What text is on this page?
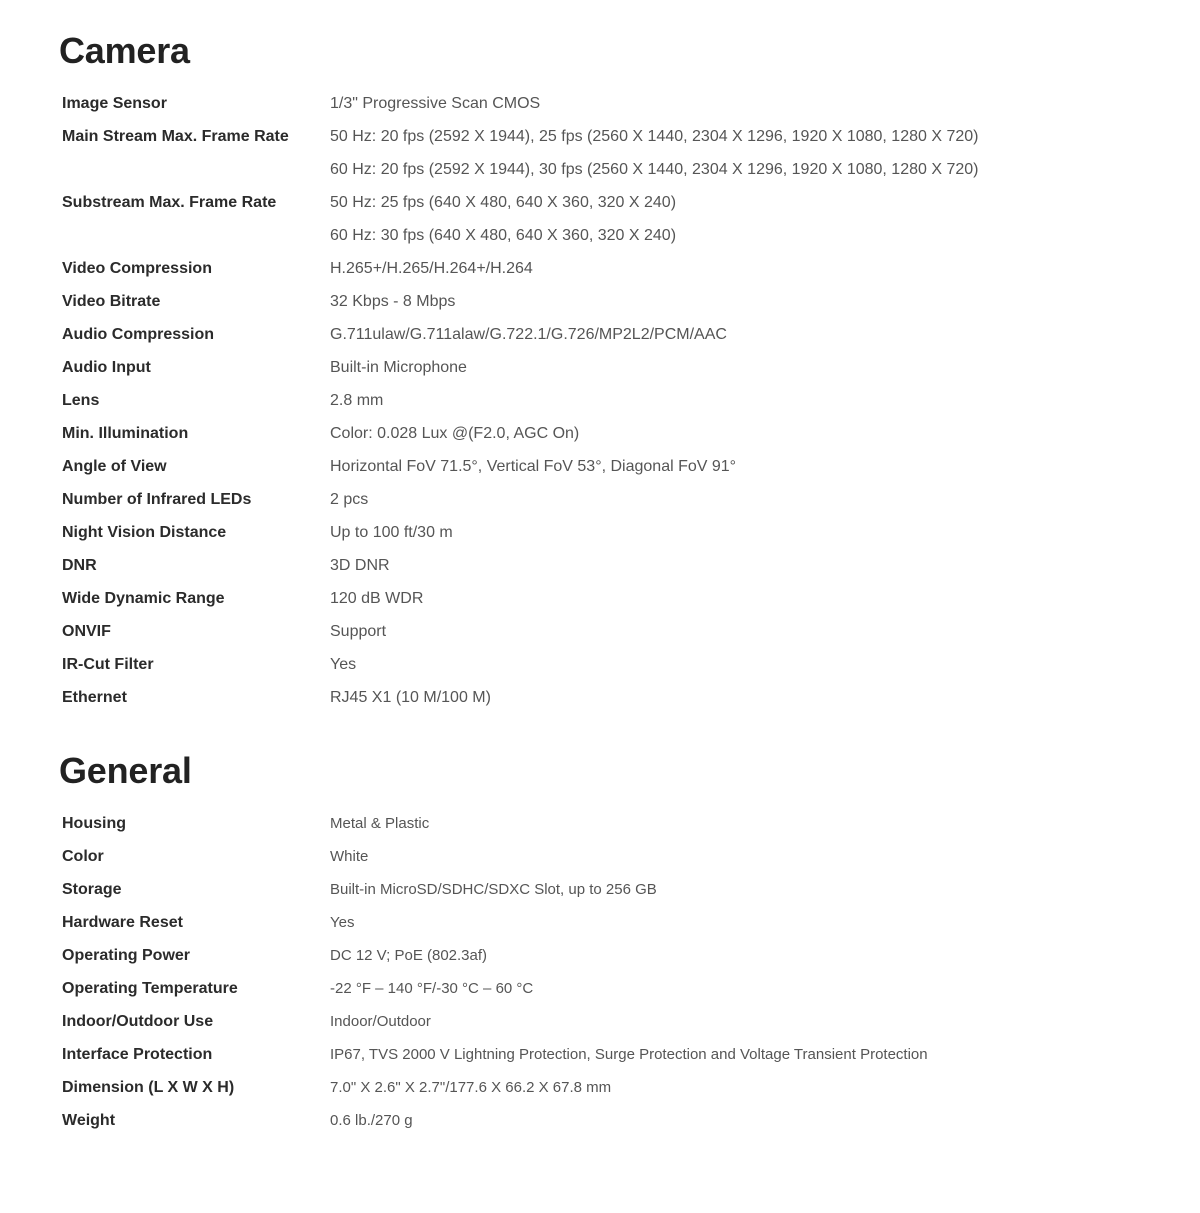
Camera
Image Sensor	1/3" Progressive Scan CMOS
Main Stream Max. Frame Rate	50 Hz: 20 fps (2592 X 1944), 25 fps (2560 X 1440, 2304 X 1296, 1920 X 1080, 1280 X 720)
60 Hz: 20 fps (2592 X 1944), 30 fps (2560 X 1440, 2304 X 1296, 1920 X 1080, 1280 X 720)
Substream Max. Frame Rate	50 Hz: 25 fps (640 X 480, 640 X 360, 320 X 240)
60 Hz: 30 fps (640 X 480, 640 X 360, 320 X 240)
Video Compression	H.265+/H.265/H.264+/H.264
Video Bitrate	32 Kbps - 8 Mbps
Audio Compression	G.711ulaw/G.711alaw/G.722.1/G.726/MP2L2/PCM/AAC
Audio Input	Built-in Microphone
Lens	2.8 mm
Min. Illumination	Color: 0.028 Lux @(F2.0, AGC On)
Angle of View	Horizontal FoV 71.5°, Vertical FoV 53°, Diagonal FoV 91°
Number of Infrared LEDs	2 pcs
Night Vision Distance	Up to 100 ft/30 m
DNR	3D DNR
Wide Dynamic Range	120 dB WDR
ONVIF	Support
IR-Cut Filter	Yes
Ethernet	RJ45 X1 (10 M/100 M)
General
Housing	Metal & Plastic
Color	White
Storage	Built-in MicroSD/SDHC/SDXC Slot, up to 256 GB
Hardware Reset	Yes
Operating Power	DC 12 V; PoE (802.3af)
Operating Temperature	-22 °F – 140 °F/-30 °C – 60 °C
Indoor/Outdoor Use	Indoor/Outdoor
Interface Protection	IP67, TVS 2000 V Lightning Protection, Surge Protection and Voltage Transient Protection
Dimension (L X W X H)	7.0" X 2.6" X 2.7"/177.6 X 66.2 X 67.8 mm
Weight	0.6 lb./270 g
